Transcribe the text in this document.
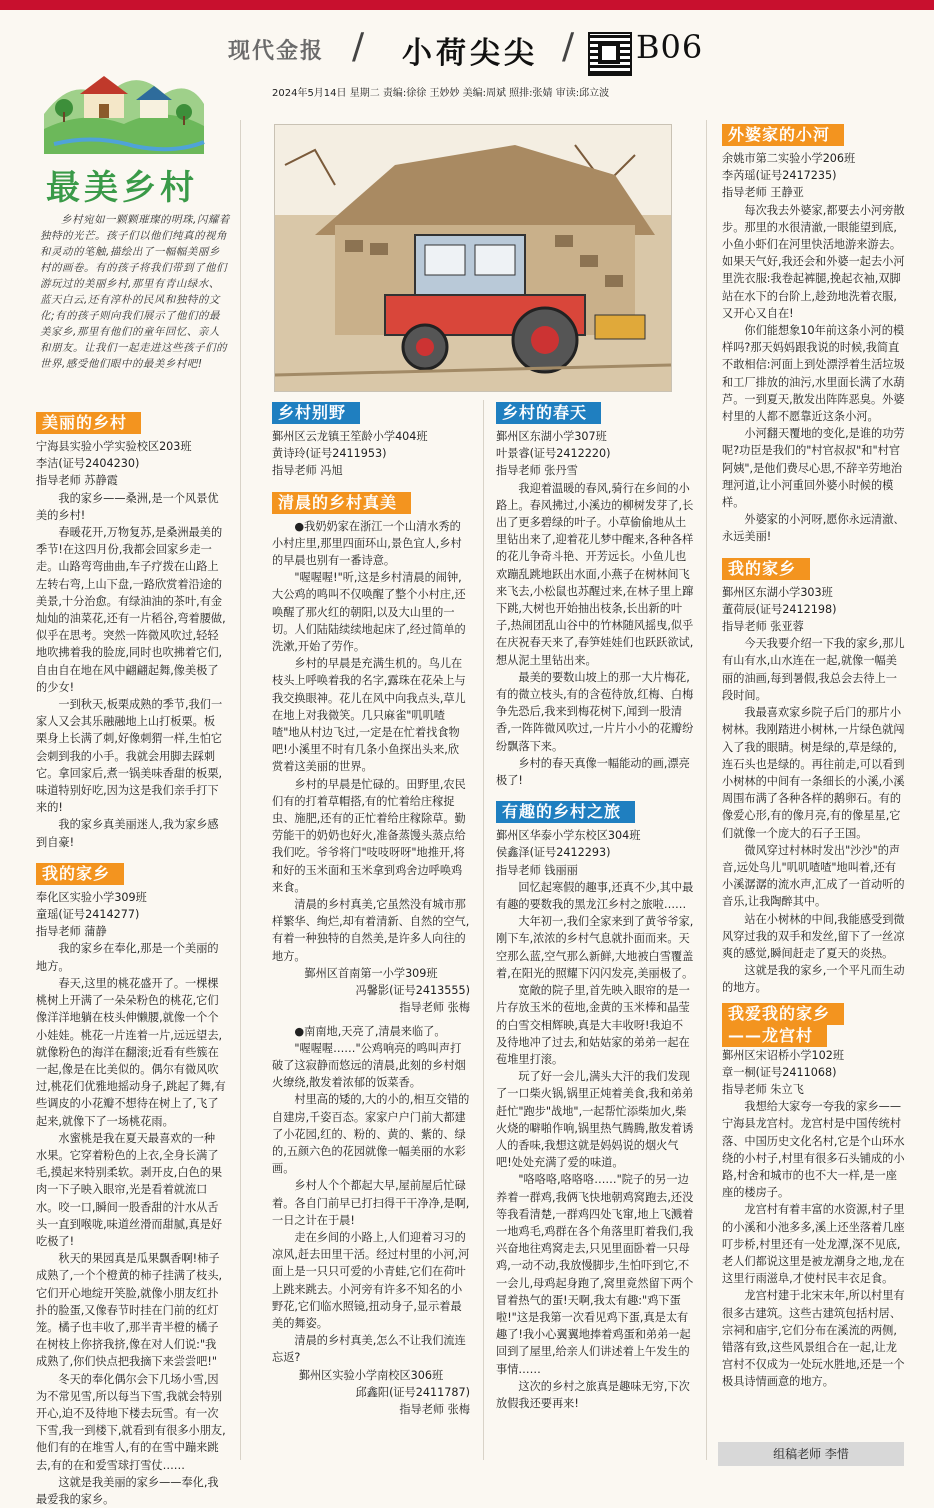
现代金报 / 小荷尖尖 / B06
2024年5月14日 星期二 责编:徐徐 王妙妙 美编:周斌 照排:张婧 审读:邱立波
最美乡村
乡村宛如一颗颗璀璨的明珠,闪耀着独特的光芒。孩子们以他们纯真的视角和灵动的笔触,描绘出了一幅幅美丽乡村的画卷。有的孩子将我们带到了他们游玩过的美丽乡村,那里有青山绿水、蓝天白云,还有淳朴的民风和独特的文化;有的孩子则向我们展示了他们的最美家乡,那里有他们的童年回忆、亲人和朋友。让我们一起走进这些孩子们的世界,感受他们眼中的最美乡村吧!
美丽的乡村

宁海县实验小学实验校区203班

李洁(证号2404230)

指导老师 苏静霞

我的家乡——桑洲,是一个风景优美的乡村!

春暖花开,万物复苏,是桑洲最美的季节!在这四月份,我都会回家乡走一走。山路弯弯曲曲,车子疗拨在山路上左转右弯,上山下盘,一路欣赏着沿途的美景,十分治愈。有绿油油的茶叶,有金灿灿的油菜花,还有一片稻谷,弯着腰做,似乎在思考。突然一阵微风吹过,轻轻地吹拂着我的脸庞,同时也吹拂着它们,自由自在地在风中翩翩起舞,像美极了的少女!

一到秋天,板栗成熟的季节,我们一家人又会其乐融融地上山打板栗。板栗身上长满了刺,好像刺猬一样,生怕它会刺到我的小手。我就会用脚去踩刺它。拿回家后,煮一锅美味香甜的板栗,味道特别好吃,因为这是我们亲手打下来的!

我的家乡真美丽迷人,我为家乡感到自豪!

我的家乡

奉化区实验小学309班

童瑶(证号2414277)

指导老师 蒲静

我的家乡在奉化,那是一个美丽的地方。

春天,这里的桃花盛开了。一棵棵桃树上开满了一朵朵粉色的桃花,它们像洋洋地躺在枝头伸懒腰,就像一个个小娃娃。桃花一片连着一片,远远望去,就像粉色的海洋在翻滚;近看有些簇在一起,像是在比美似的。偶尔有微风吹过,桃花们优雅地摇动身子,跳起了舞,有些调皮的小花瓣不想待在树上了,飞了起来,就像下了一场桃花雨。

水蜜桃是我在夏天最喜欢的一种水果。它穿着粉色的上衣,全身长满了毛,摸起来特别柔软。剥开皮,白色的果肉一下子映入眼帘,光是看着就流口水。咬一口,瞬间一股香甜的汁水从舌头一直到喉咙,味道丝滑而甜腻,真是好吃极了!

秋天的果园真是瓜果飘香啊!柿子成熟了,一个个橙黄的柿子挂满了枝头,它们开心地绽开笑脸,就像小朋友红扑扑的脸蛋,又像春节时挂在门前的红灯笼。橘子也丰收了,那半青半橙的橘子在树枝上你挤我挤,像在对人们说:"我成熟了,你们快点把我摘下来尝尝吧!"

冬天的奉化偶尔会下几场小雪,因为不常见雪,所以每当下雪,我就会特别开心,迫不及待地下楼去玩雪。有一次下雪,我一到楼下,就看到有很多小朋友,他们有的在堆雪人,有的在雪中蹦来跳去,有的在和爱雪球打雪仗……

这就是我美丽的家乡——奉化,我最爱我的家乡。

乡村别野

鄞州区云龙镇王笙龄小学404班

黄诗玲(证号2411953)

指导老师 冯旭

清晨的乡村真美

●我奶奶家在浙江一个山清水秀的小村庄里,那里四面环山,景色宜人,乡村的早晨也别有一番诗意。

"喔喔喔!"听,这是乡村清晨的闹钟,大公鸡的鸣叫不仅唤醒了整个小村庄,还唤醒了那火红的朝阳,以及大山里的一切。人们陆陆续续地起床了,经过简单的洗漱,开始了劳作。

乡村的早晨是充满生机的。鸟儿在枝头上呼唤着我的名字,露珠在花朵上与我交换眼神。花儿在风中向我点头,草儿在地上对我微笑。几只麻雀"叽叽喳喳"地从村边飞过,一定是在忙着找食物吧!小溪里不时有几条小鱼探出头来,欣赏着这美丽的世界。

乡村的早晨是忙碌的。田野里,农民们有的打着草帽搭,有的忙着给庄稼捉虫、施肥,还有的正忙着给庄稼除草。勤劳能干的奶奶也好火,准备蒸馒头蒸点给我们吃。爷爷将门"吱吱呀呀"地推开,将和好的玉米面和玉米拿到鸡舍边呼唤鸡来食。

清晨的乡村真美,它虽然没有城市那样繁华、绚烂,却有着清新、自然的空气,有着一种独特的自然美,是许多人向往的地方。

鄞州区首南第一小学309班

冯馨影(证号2413555)

指导老师 张梅

●南南地,天亮了,清晨来临了。

"喔喔喔……"公鸡响亮的鸣叫声打破了这寂静而悠远的清晨,此刻的乡村烟火缭绕,散发着浓郁的饭菜香。

村里高的矮的,大的小的,相互交错的自建房,千姿百态。家家户户门前大都建了小花园,红的、粉的、黄的、紫的、绿的,五颜六色的花园就像一幅美丽的水彩画。

乡村人个个都起大早,屋前屋后忙碌着。各自门前早已打扫得干干净净,是啊,一日之计在于晨!

走在乡间的小路上,人们迎着习习的凉风,赶去田里干活。经过村里的小河,河面上是一只只可爱的小青蛙,它们在荷叶上跳来跳去。小河旁有许多不知名的小野花,它们临水照镜,扭动身子,显示着最美的舞姿。

清晨的乡村真美,怎么不让我们流连忘返?

鄞州区实验小学南校区306班

邱鑫阳(证号2411787)

指导老师 张梅

乡村的春天

鄞州区东湖小学307班

叶景睿(证号2412220)

指导老师 张丹雪

我迎着温暖的春风,骑行在乡间的小路上。春风拂过,小溪边的柳树发芽了,长出了更多碧绿的叶子。小草偷偷地从土里钻出来了,迎着花儿梦中醒来,各种各样的花儿争奇斗艳、开芳远长。小鱼儿也欢蹦乱跳地跃出水面,小燕子在树林间飞来飞去,小松鼠也苏醒过来,在林子里上蹿下跳,大树也开始抽出枝条,长出新的叶子,热闹团乱山谷中的竹林随风摇曳,似乎在庆祝春天来了,春笋娃娃们也跃跃欲试,想从泥土里钻出来。

最美的要数山坡上的那一大片梅花,有的微立枝头,有的含苞待放,红梅、白梅争先恐后,我来到梅花树下,闻到一股清香,一阵阵微风吹过,一片片小小的花瓣纷纷飘落下来。

乡村的春天真像一幅能动的画,漂亮极了!

有趣的乡村之旅

鄞州区华泰小学东校区304班

侯鑫泽(证号2412293)

指导老师 钱丽丽

回忆起寒假的趣事,还真不少,其中最有趣的要数我的黑龙江乡村之旅啦……

大年初一,我们全家来到了黄爷爷家,刚下车,浓浓的乡村气息就扑面而来。天空那么蓝,空气那么新鲜,大地被白雪覆盖着,在阳光的照耀下闪闪发亮,美丽极了。

宽敞的院子里,首先映入眼帘的是一片存放玉米的苞地,金黄的玉米棒和晶莹的白雪交相辉映,真是大丰收呀!我迫不及待地冲了过去,和姑姑家的弟弟一起在苞堆里打滚。

玩了好一会儿,满头大汗的我们发现了一口柴火锅,锅里正炖着美食,我和弟弟赶忙"跑步"战地",一起帮忙添柴加火,柴火烧的噼啪作响,锅里热气腾腾,散发着诱人的香味,我想这就是妈妈说的烟火气吧!处处充满了爱的味道。

"咯咯咯,咯咯咯……"院子的另一边养着一群鸡,我俩飞快地朝鸡窝跑去,还没等我看清楚,一群鸡四处飞窜,地上飞溅着一地鸡毛,鸡群在各个角落里盯着我们,我兴奋地往鸡窝走去,只见里面卧着一只母鸡,一动不动,我放慢脚步,生怕吓到它,不一会儿,母鸡起身跑了,窝里竟然留下两个冒着热气的蛋!天啊,我太有趣:"鸡下蛋啦!"这是我第一次看见鸡下蛋,真是太有趣了!我小心翼翼地捧着鸡蛋和弟弟一起回到了屋里,给亲人们讲述着上午发生的事情……

这次的乡村之旅真是趣味无穷,下次放假我还要再来!

外婆家的小河

余姚市第二实验小学206班

李芮瑶(证号2417235)

指导老师 王静亚

每次我去外婆家,都要去小河旁散步。那里的水很清澈,一眼能望到底,小鱼小虾们在河里快活地游来游去。如果天气好,我还会和外婆一起去小河里洗衣服:我卷起裤腿,挽起衣袖,双脚站在水下的台阶上,趁劲地洗着衣服,又开心又自在!

你们能想象10年前这条小河的模样吗?那天妈妈跟我说的时候,我简直不敢相信:河面上到处漂浮着生活垃圾和工厂排放的油污,水里面长满了水葫芦。一到夏天,散发出阵阵恶臭。外婆村里的人都不愿靠近这条小河。

小河翻天覆地的变化,是谁的功劳呢?功臣是我们的"村官叔叔"和"村官阿姨",是他们费尽心思,不辞辛劳地治理河道,让小河重回外婆小时候的模样。

外婆家的小河呀,愿你永远清澈、永远美丽!

我的家乡

鄞州区东湖小学303班

董荷辰(证号2412198)

指导老师 张亚蓉

今天我要介绍一下我的家乡,那儿有山有水,山水连在一起,就像一幅美丽的油画,每到暑假,我总会去待上一段时间。

我最喜欢家乡院子后门的那片小树林。我刚踏进小树林,一片绿色就闯入了我的眼睛。树是绿的,草是绿的,连石头也是绿的。再往前走,可以看到小树林的中间有一条细长的小溪,小溪周围布满了各种各样的鹅卵石。有的像爱心形,有的像月亮,有的像星星,它们就像一个庞大的石子王国。

微风穿过村林时发出"沙沙"的声音,远处鸟儿"叽叽喳喳"地叫着,还有小溪潺潺的流水声,汇成了一首动听的音乐,让我陶醉其中。

站在小树林的中间,我能感受到微风穿过我的双手和发丝,留下了一丝凉爽的感觉,瞬间赶走了夏天的炎热。

这就是我的家乡,一个平凡而生动的地方。

我爱我的家乡
——龙宫村

鄞州区宋诏桥小学102班

章一桐(证号2411068)

指导老师 朱立飞

我想给大家夸一夸我的家乡——宁海县龙宫村。龙宫村是中国传统村落、中国历史文化名村,它是个山环水绕的小村子,村里有很多石头铺成的小路,村舍和城市的也不大一样,是一座座的楼房子。

龙宫村有着丰富的水资源,村子里的小溪和小池多多,溪上还坐落着几座叮步桥,村里还有一处龙潭,深不见底,老人们都说这里是被龙潮身之地,龙在这里行雨滋阜,才使村民丰衣足食。

龙宫村建于北宋末年,所以村里有很多古建筑。这些古建筑包括村居、宗祠和庙宇,它们分布在溪流的两侧,错落有致,这些风景组合在一起,让龙宫村不仅成为一处玩水胜地,还是一个极具诗情画意的地方。

组稿老师 李惜
